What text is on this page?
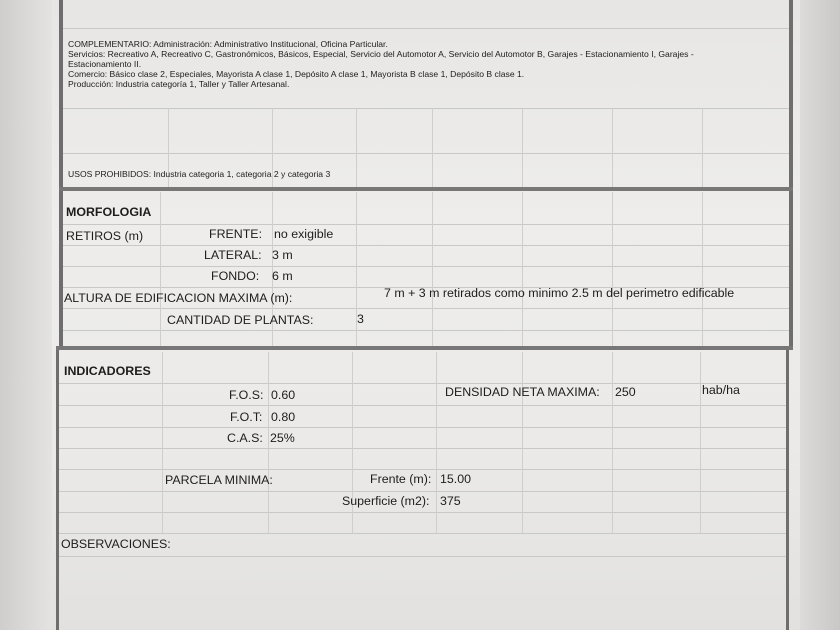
COMPLEMENTARIO: Administración: Administrativo Institucional, Oficina Particular.
Servicios: Recreativo A, Recreativo C, Gastronómicos, Básicos, Especial, Servicio del Automotor A, Servicio del Automotor B, Garajes - Estacionamiento I, Garajes -
Estacionamiento II.
Comercio: Básico clase 2, Especiales, Mayorista A clase 1, Depósito A clase 1, Mayorista B clase 1, Depósito B clase 1.
Producción: Industria categoría 1, Taller y Taller Artesanal.
USOS PROHIBIDOS: Industria categoria 1, categoria 2 y categoria 3
MORFOLOGIA
RETIROS (m)	FRENTE: no exigible
LATERAL: 3 m
FONDO: 6 m
ALTURA DE EDIFICACION MAXIMA (m):	7 m + 3 m retirados como minimo 2.5 m del perimetro edificable
CANTIDAD DE PLANTAS:	3
INDICADORES
F.O.S: 0.60	DENSIDAD NETA MAXIMA: 250	hab/ha
F.O.T: 0.80
C.A.S: 25%
PARCELA MINIMA:	Frente (m): 15.00
Superficie (m2): 375
OBSERVACIONES:
